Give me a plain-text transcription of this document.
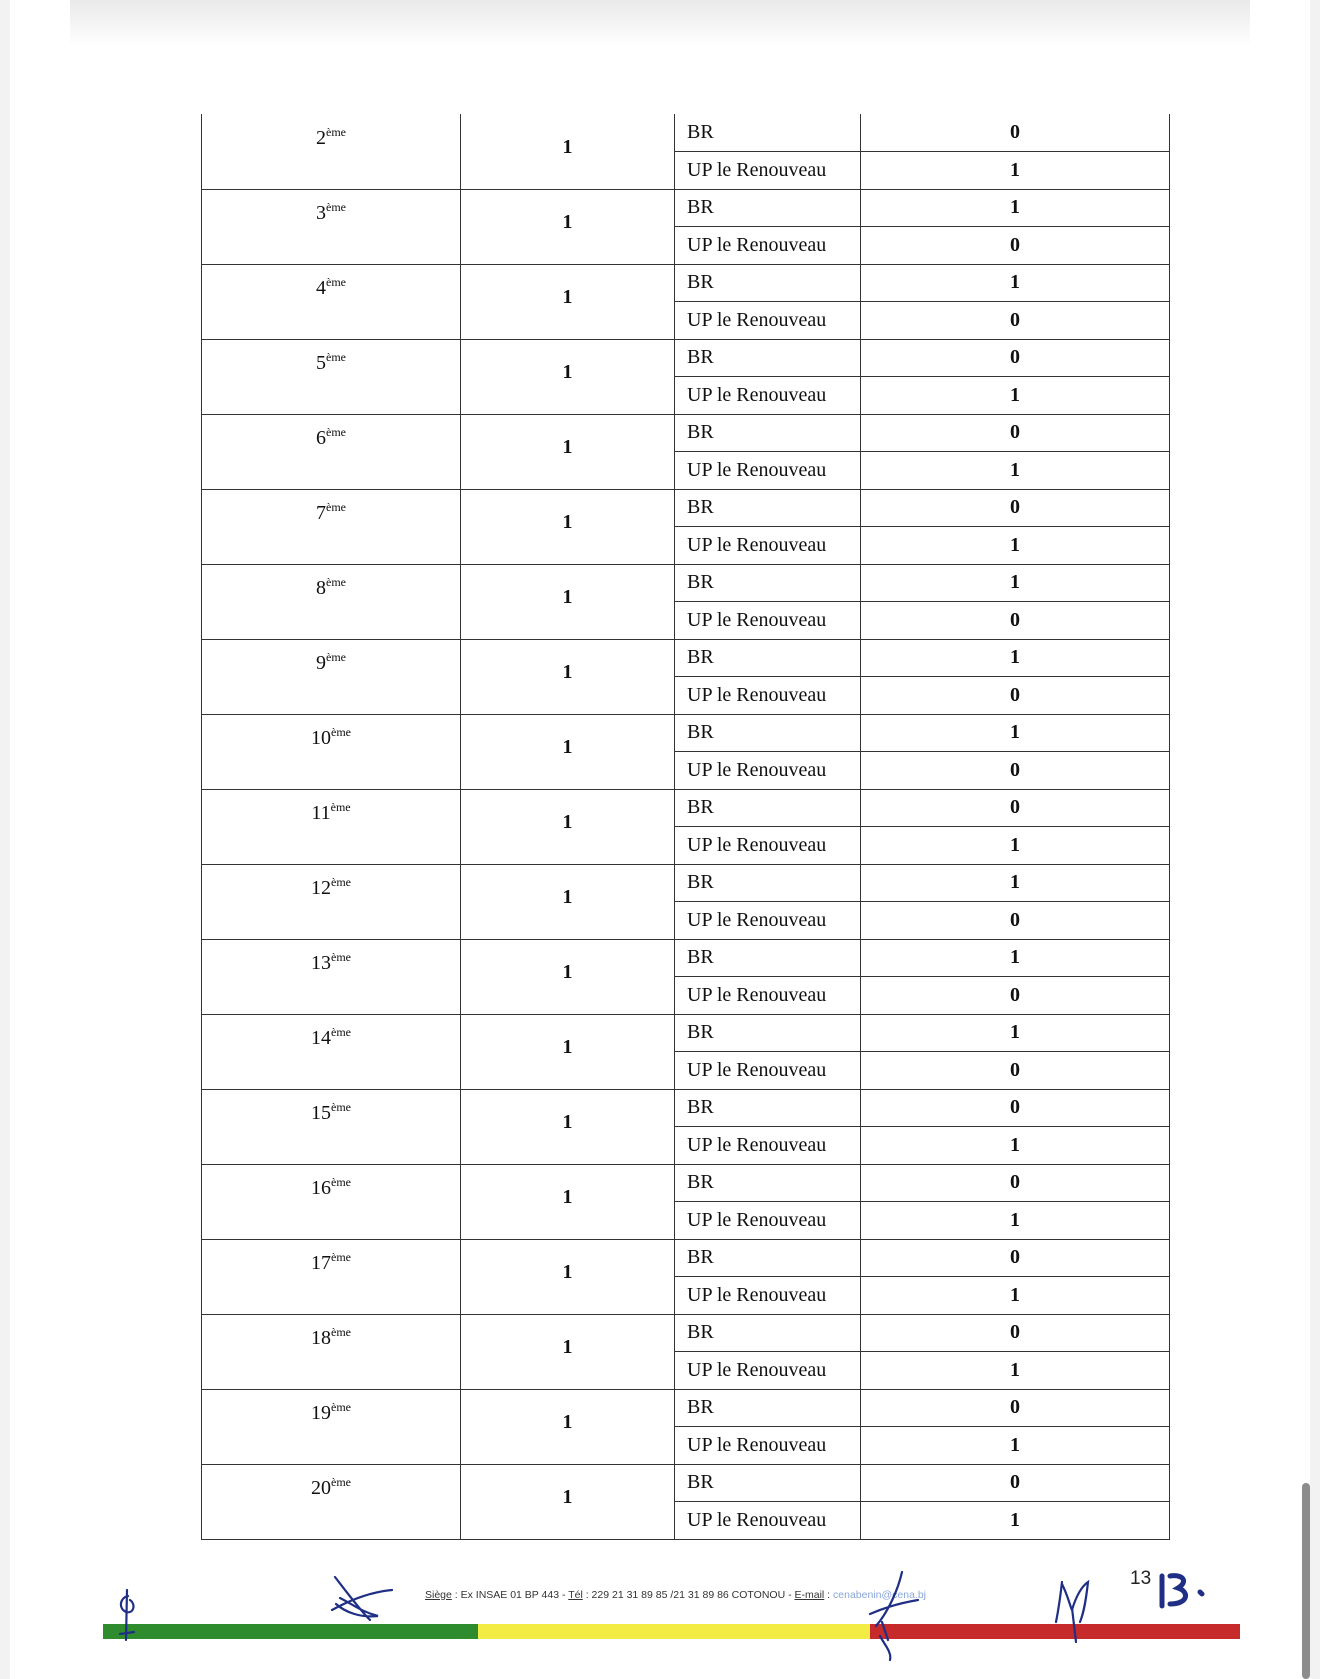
2ème	1	BR	0
		UP le Renouveau	1
3ème	1	BR	1
		UP le Renouveau	0
4ème	1	BR	1
		UP le Renouveau	0
5ème	1	BR	0
		UP le Renouveau	1
6ème	1	BR	0
		UP le Renouveau	1
7ème	1	BR	0
		UP le Renouveau	1
8ème	1	BR	1
		UP le Renouveau	0
9ème	1	BR	1
		UP le Renouveau	0
10ème	1	BR	1
		UP le Renouveau	0
11ème	1	BR	0
		UP le Renouveau	1
12ème	1	BR	1
		UP le Renouveau	0
13ème	1	BR	1
		UP le Renouveau	0
14ème	1	BR	1
		UP le Renouveau	0
15ème	1	BR	0
		UP le Renouveau	1
16ème	1	BR	0
		UP le Renouveau	1
17ème	1	BR	0
		UP le Renouveau	1
18ème	1	BR	0
		UP le Renouveau	1
19ème	1	BR	0
		UP le Renouveau	1
20ème	1	BR	0
		UP le Renouveau	1
Siège : Ex INSAE 01 BP 443 - Tél : 229 21 31 89 85 /21 31 89 86 COTONOU - E-mail : cenabenin@cena.bj
13
